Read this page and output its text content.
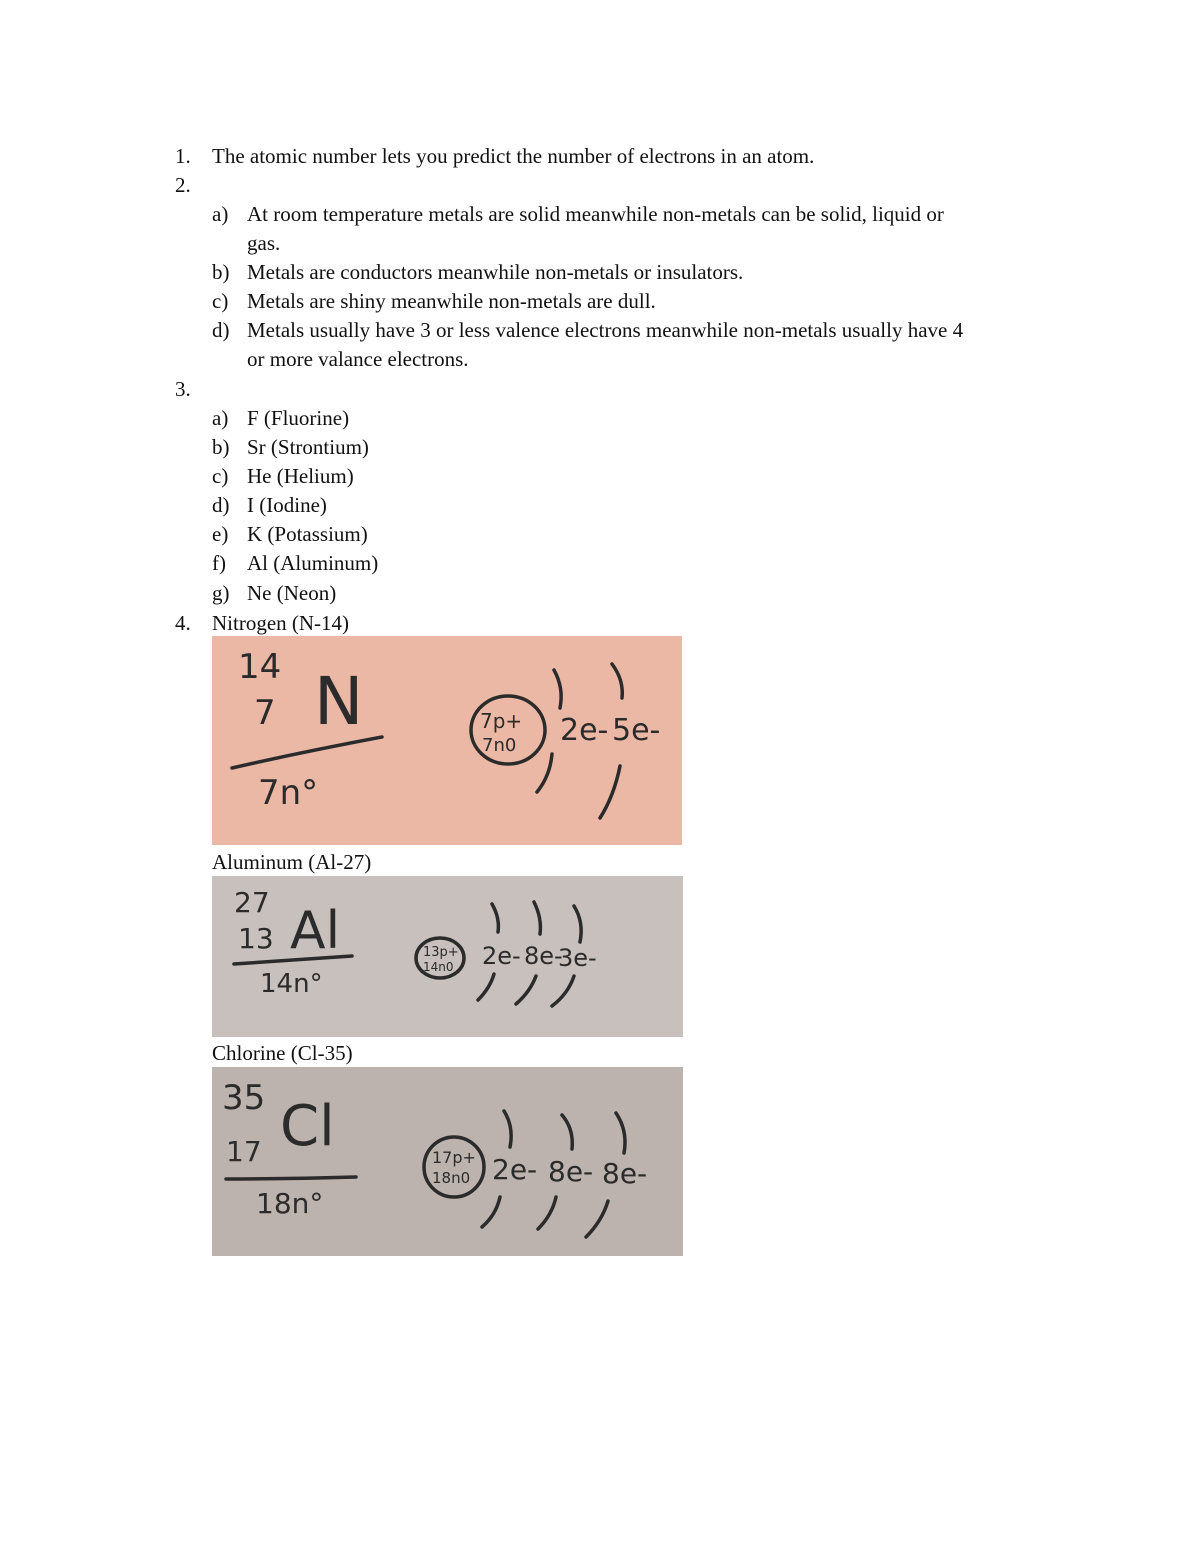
1. The atomic number lets you predict the number of electrons in an atom.
2.
a) At room temperature metals are solid meanwhile non-metals can be solid, liquid or
gas.
b) Metals are conductors meanwhile non-metals or insulators.
c) Metals are shiny meanwhile non-metals are dull.
d) Metals usually have 3 or less valence electrons meanwhile non-metals usually have 4
or more valance electrons.
3.
a) F (Fluorine)
b) Sr (Strontium)
c) He (Helium)
d) I (Iodine)
e) K (Potassium)
f) Al (Aluminum)
g) Ne (Neon)
4. Nitrogen (N-14)
14
7 N
7n°
7p+
7n0 2e- 5e-
Aluminum (Al-27)
27
13 Al
14n°
13p+
14n0 2e- 8e-
3e-
Chlorine (Cl-35)
35
17 Cl
18n°
17p+
18n0 2e- 8e- 8e-
